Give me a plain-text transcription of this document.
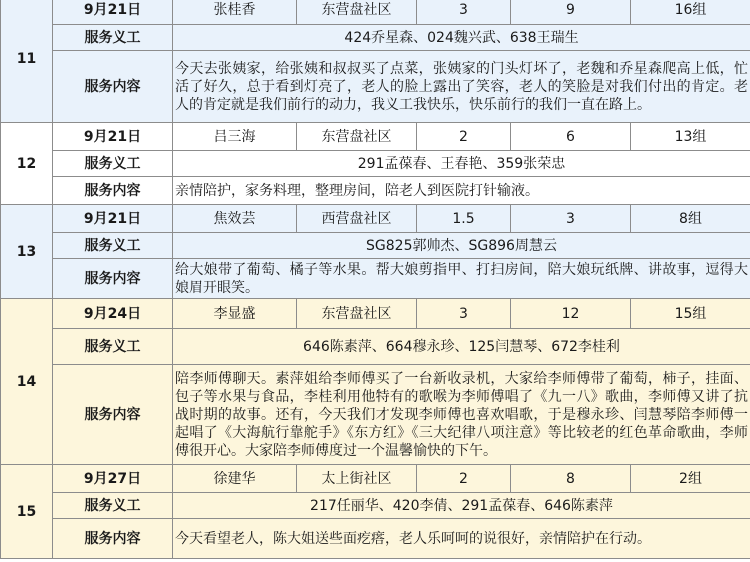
11	9月21日	张桂香	东营盘社区	3	9	16组
	服务义工	424乔星森、024魏兴武、638王瑞生				
	服务内容	今天去张姨家，给张姨和叔叔买了点菜，张姨家的门头灯坏了，老魏和乔星森爬高上低，忙活了好久，总于看到灯亮了，老人的脸上露出了笑容，老人的笑脸是对我们付出的肯定。老人的肯定就是我们前行的动力，我义工我快乐，快乐前行的我们一直在路上。				
12	9月21日	吕三海	东营盘社区	2	6	13组
	服务义工	291孟葆春、王春艳、359张荣忠				
	服务内容	亲情陪护，家务料理，整理房间，陪老人到医院打针输液。				
13	9月21日	焦效芸	西营盘社区	1.5	3	8组
	服务义工	SG825郭帅杰、SG896周慧云				
	服务内容	给大娘带了葡萄、橘子等水果。帮大娘剪指甲、打扫房间，陪大娘玩纸牌、讲故事，逗得大娘眉开眼笑。				
14	9月24日	李显盛	东营盘社区	3	12	15组
	服务义工	646陈素萍、664穆永珍、125闫慧琴、672李桂利				
	服务内容	陪李师傅聊天。素萍姐给李师傅买了一台新收录机，大家给李师傅带了葡萄，柿子，挂面、包子等水果与食品，李桂利用他特有的歌喉为李师傅唱了《九一八》歌曲，李师傅又讲了抗战时期的故事。还有，今天我们才发现李师傅也喜欢唱歌，于是穆永珍、闫慧琴陪李师傅一起唱了《大海航行靠舵手》《东方红》《三大纪律八项注意》等比较老的红色革命歌曲，李师傅很开心。大家陪李师傅度过一个温馨愉快的下午。				
15	9月27日	徐建华	太上街社区	2	8	2组
	服务义工	217任丽华、420李倩、291孟葆春、646陈素萍				
	服务内容	今天看望老人，陈大姐送些面疙瘩，老人乐呵呵的说很好，亲情陪护在行动。				
